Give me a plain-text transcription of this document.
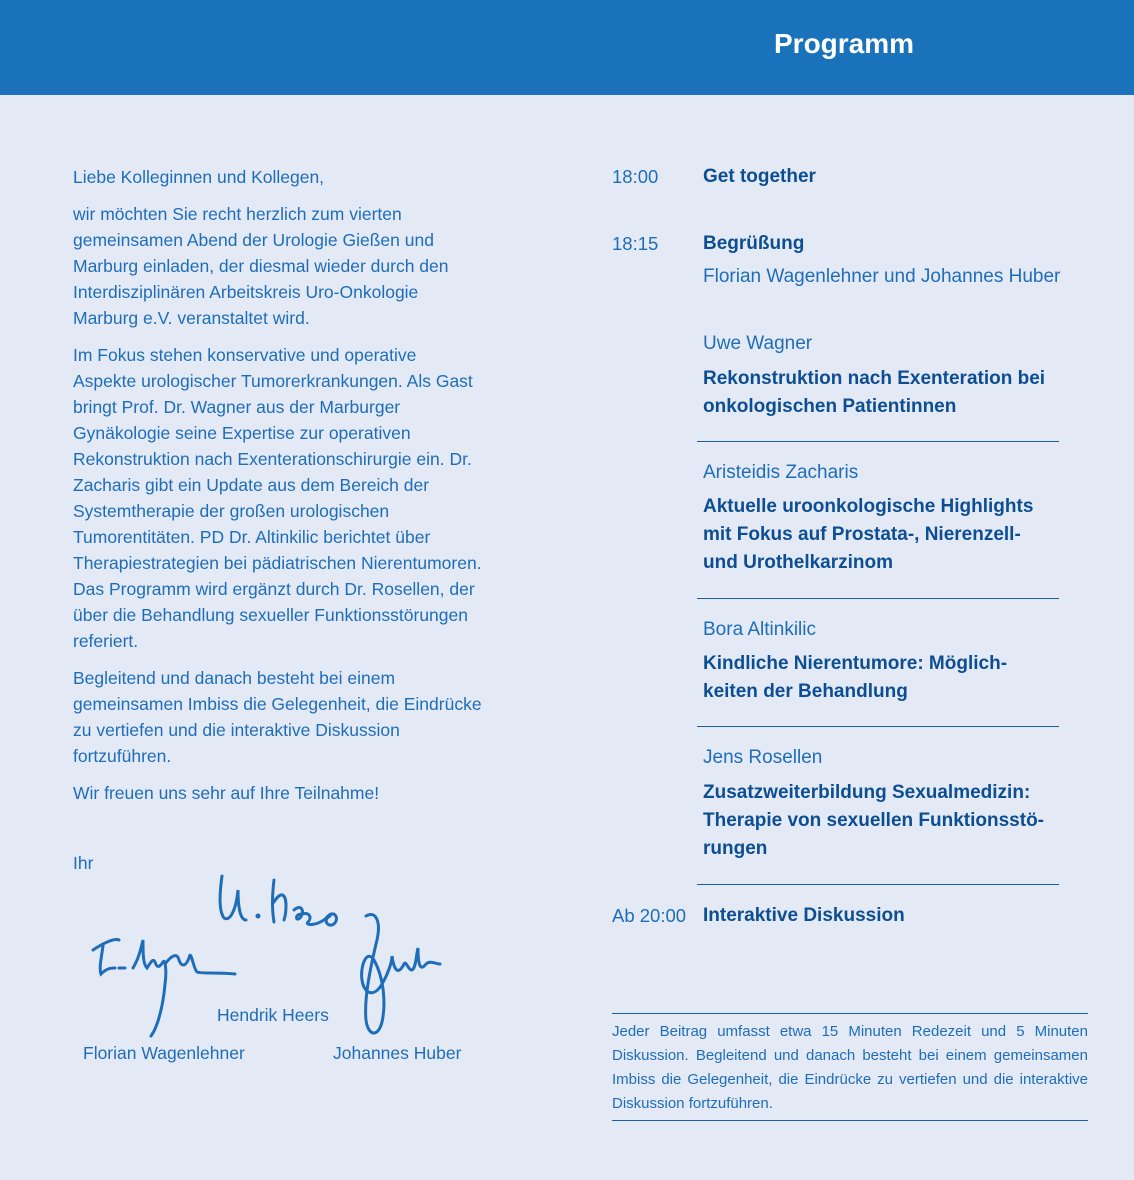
Programm

Liebe Kolleginnen und Kollegen,

wir möchten Sie recht herzlich zum vierten gemeinsamen Abend der Urologie Gießen und Marburg einladen, der diesmal wieder durch den Interdisziplinären Arbeitskreis Uro-Onkologie Marburg e.V. veranstaltet wird.

Im Fokus stehen konservative und operative Aspekte urologischer Tumorerkrankungen. Als Gast bringt Prof. Dr. Wagner aus der Marburger Gynäkologie seine Expertise zur operativen Rekonstruktion nach Exenterationschirurgie ein. Dr. Zacharis gibt ein Update aus dem Bereich der Systemtherapie der großen urologischen Tumorentitäten. PD Dr. Altinkilic berichtet über Therapiestrategien bei pädiatrischen Nierentumoren. Das Programm wird ergänzt durch Dr. Rosellen, der über die Behandlung sexueller Funktionsstörungen referiert.

Begleitend und danach besteht bei einem gemeinsamen Imbiss die Gelegenheit, die Eindrücke zu vertiefen und die interaktive Diskussion fortzuführen.

Wir freuen uns sehr auf Ihre Teilnahme!

Ihr
Hendrik Heers
Florian Wagenlehner	Johannes Huber
18:00 Get together
18:15 Begrüßung
Florian Wagenlehner und Johannes Huber
Uwe Wagner
Rekonstruktion nach Exenteration bei
onkologischen Patientinnen
Aristeidis Zacharis
Aktuelle uroonkologische Highlights
mit Fokus auf Prostata-, Nierenzell-
und Urothelkarzinom
Bora Altinkilic
Kindliche Nierentumore: Möglich-
keiten der Behandlung
Jens Rosellen
Zusatzweiterbildung Sexualmedizin:
Therapie von sexuellen Funktionsstö-
rungen
Ab 20:00 Interaktive Diskussion
Jeder Beitrag umfasst etwa 15 Minuten Redezeit und 5 Minuten Diskussion. Begleitend und danach besteht bei einem gemeinsamen Imbiss die Gelegenheit, die Eindrücke zu vertiefen und die interaktive Diskussion fortzuführen.
